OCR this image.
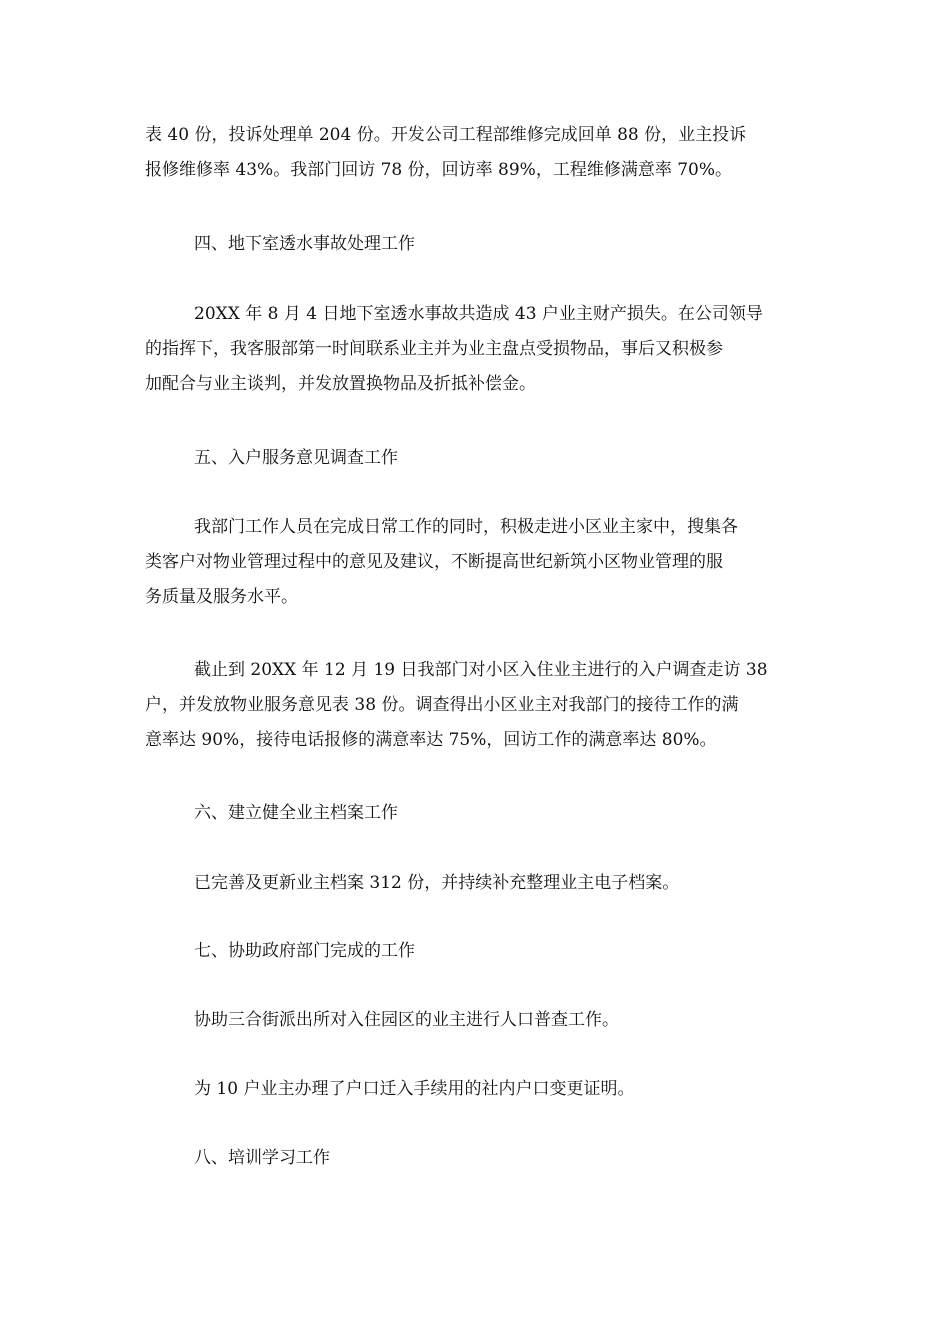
表 40 份，投诉处理单 204 份。开发公司工程部维修完成回单 88 份，业主投诉
报修维修率 43%。我部门回访 78 份，回访率 89%，工程维修满意率 70%。
四、地下室透水事故处理工作
20XX 年 8 月 4 日地下室透水事故共造成 43 户业主财产损失。在公司领导
的指挥下，我客服部第一时间联系业主并为业主盘点受损物品，事后又积极参
加配合与业主谈判，并发放置换物品及折抵补偿金。
五、入户服务意见调查工作
我部门工作人员在完成日常工作的同时，积极走进小区业主家中，搜集各
类客户对物业管理过程中的意见及建议，不断提高世纪新筑小区物业管理的服
务质量及服务水平。
截止到 20XX 年 12 月 19 日我部门对小区入住业主进行的入户调查走访 38
户，并发放物业服务意见表 38 份。调查得出小区业主对我部门的接待工作的满
意率达 90%，接待电话报修的满意率达 75%，回访工作的满意率达 80%。
六、建立健全业主档案工作
已完善及更新业主档案 312 份，并持续补充整理业主电子档案。
七、协助政府部门完成的工作
协助三合街派出所对入住园区的业主进行人口普查工作。
为 10 户业主办理了户口迁入手续用的社内户口变更证明。
八、培训学习工作
